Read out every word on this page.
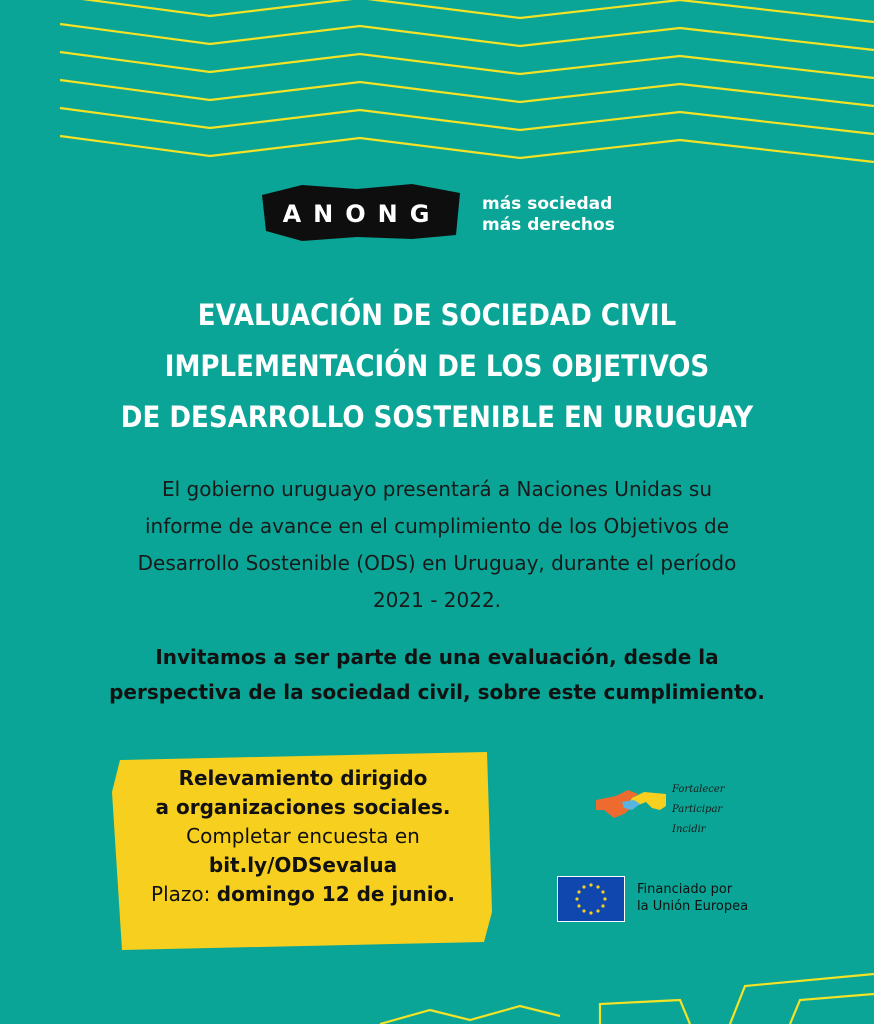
ANONG más sociedad
más derechos
EVALUACIÓN DE SOCIEDAD CIVIL
IMPLEMENTACIÓN DE LOS OBJETIVOS
DE DESARROLLO SOSTENIBLE EN URUGUAY
El gobierno uruguayo presentará a Naciones Unidas su
informe de avance en el cumplimiento de los Objetivos de
Desarrollo Sostenible (ODS) en Uruguay, durante el período
2021 - 2022.
Invitamos a ser parte de una evaluación, desde la
perspectiva de la sociedad civil, sobre este cumplimiento.
Relevamiento dirigido
a organizaciones sociales.
Completar encuesta en
bit.ly/ODSevalua
Plazo: domingo 12 de junio.
Fortalecer
Participar
Incidir
Financiado por
la Unión Europea
